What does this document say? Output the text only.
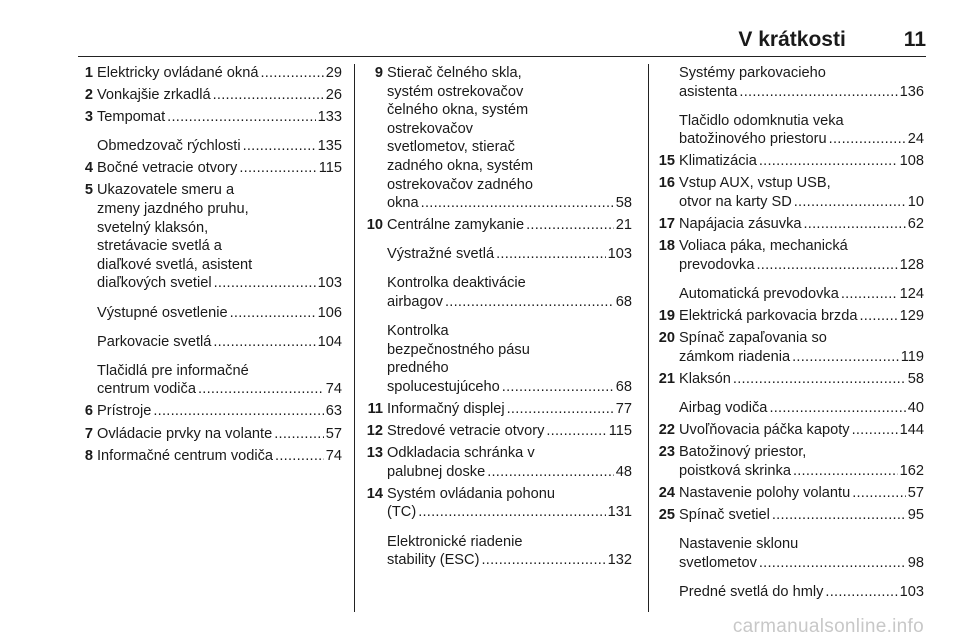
V krátkosti	11
1 Elektricky ovládané okná . . .	29
2 Vonkajšie zrkadlá . . .	26
3 Tempomat . . .	133
Obmedzovač rýchlosti . . .	135
4 Bočné vetracie otvory . . .	115
5 Ukazovatele smeru a
zmeny jazdného pruhu,
svetelný klaksón,
stretávacie svetlá a
diaľkové svetlá, asistent
diaľkových svetiel . . .	103
Výstupné osvetlenie . . .	106
Parkovacie svetlá . . .	104
Tlačidlá pre informačné
centrum vodiča . . .	74
6 Prístroje . . .	63
7 Ovládacie prvky na volante . . .	57
8 Informačné centrum vodiča . . .	74
9 Stierač čelného skla,
systém ostrekovačov
čelného okna, systém
ostrekovačov
svetlometov, stierač
zadného okna, systém
ostrekovačov zadného
okna . . .	58
10 Centrálne zamykanie . . .	21
Výstražné svetlá . . .	103
Kontrolka deaktivácie
airbagov . . .	68
Kontrolka
bezpečnostného pásu
predného
spolucestujúceho . . .	68
11 Informačný displej . . .	77
12 Stredové vetracie otvory . . .	115
13 Odkladacia schránka v
palubnej doske . . .	48
14 Systém ovládania pohonu
(TC) . . .	131
Elektronické riadenie
stability (ESC) . . .	132
Systémy parkovacieho
asistenta . . .	136
Tlačidlo odomknutia veka
batožinového priestoru . . .	24
15 Klimatizácia . . .	108
16 Vstup AUX, vstup USB,
otvor na karty SD . . .	10
17 Napájacia zásuvka . . .	62
18 Voliaca páka, mechanická
prevodovka . . .	128
Automatická prevodovka . . .	124
19 Elektrická parkovacia brzda . . .	129
20 Spínač zapaľovania so
zámkom riadenia . . .	119
21 Klaksón . . .	58
Airbag vodiča . . .	40
22 Uvoľňovacia páčka kapoty . . .	144
23 Batožinový priestor,
poistková skrinka . . .	162
24 Nastavenie polohy volantu . . .	57
25 Spínač svetiel . . .	95
Nastavenie sklonu
svetlometov . . .	98
Predné svetlá do hmly . . .	103
carmanualsonline.info
